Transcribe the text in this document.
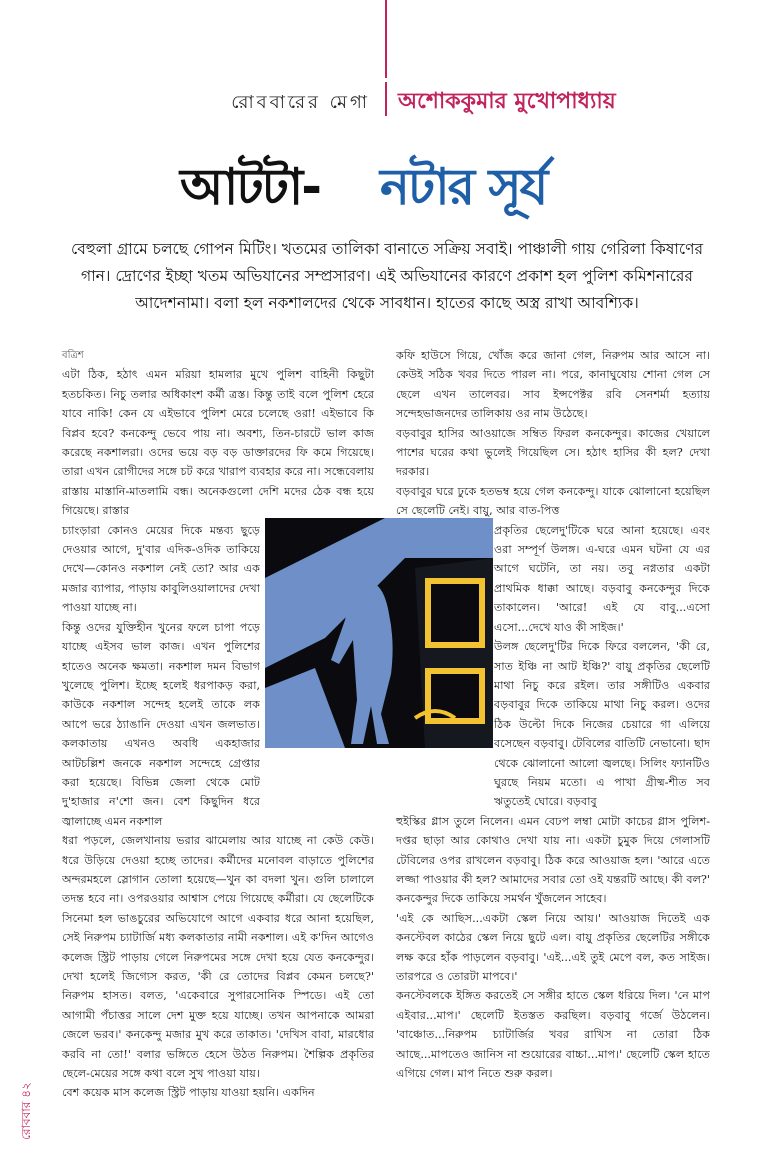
রোববারের মেগা অশোককুমার মুখোপাধ্যায়
আটটা- নটার সূর্য
বেহুলা গ্রামে চলছে গোপন মিটিং। খতমের তালিকা বানাতে সক্রিয় সবাই। পাঞ্চালী গায় গেরিলা কিষাণের গান। দ্রোণের ইচ্ছা খতম অভিযানের সম্প্রসারণ। এই অভিযানের কারণে প্রকাশ হল পুলিশ কমিশনারের আদেশনামা। বলা হল নকশালদের থেকে সাবধান। হাতের কাছে অস্ত্র রাখা আবশ্যিক।

বত্রিশ

এটা ঠিক, হঠাৎ এমন মরিয়া হামলার মুখে পুলিশ বাহিনী কিছুটা হতচকিত। নিচু তলার অধিকাংশ কর্মী ত্রস্ত। কিন্তু তাই বলে পুলিশ হেরে যাবে নাকি! কেন যে এইভাবে পুলিশ মেরে চলেছে ওরা! এইভাবে কি বিপ্লব হবে? কনকেন্দু ভেবে পায় না। অবশ্য, তিন-চারটে ভাল কাজ করেছে নকশালরা। ওদের ভয়ে বড় বড় ডাক্তারদের ফি কমে গিয়েছে। তারা এখন রোগীদের সঙ্গে চট করে খারাপ ব্যবহার করে না। সন্ধেবেলায় রাস্তায় মাস্তানি-মাতলামি বন্ধ। অনেকগুলো দেশি মদের ঠেক বন্ধ হয়ে গিয়েছে। রাস্তার

চ্যাংড়ারা কোনও মেয়ের দিকে মন্তব্য ছুড়ে দেওয়ার আগে, দু'বার এদিক-ওদিক তাকিয়ে দেখে—কোনও নকশাল নেই তো? আর এক মজার ব্যাপার, পাড়ায় কাবুলিওয়ালাদের দেখা পাওয়া যাচ্ছে না।

কিন্তু ওদের যুক্তিহীন খুনের ফলে চাপা পড়ে যাচ্ছে এইসব ভাল কাজ। এখন পুলিশের হাতেও অনেক ক্ষমতা। নকশাল দমন বিভাগ খুলেছে পুলিশ। ইচ্ছে হলেই ধরপাকড় করা, কাউকে নকশাল সন্দেহ হলেই তাকে লক আপে ভরে ঠ্যাঙানি দেওয়া এখন জলভাত। কলকাতায় এখনও অবধি একহাজার আটচল্লিশ জনকে নকশাল সন্দেহে গ্রেপ্তার করা হয়েছে। বিভিন্ন জেলা থেকে মোট দু'হাজার ন'শো জন। বেশ কিছুদিন ধরে জ্বালাচ্ছে এমন নকশাল

ধরা পড়লে, জেলখানায় ভরার ঝামেলায় আর যাচ্ছে না কেউ কেউ। ধরে উড়িয়ে দেওয়া হচ্ছে তাদের। কর্মীদের মনোবল বাড়াতে পুলিশের অন্দরমহলে স্লোগান তোলা হয়েছে—খুন কা বদলা খুন। গুলি চালালে তদন্ত হবে না। ওপরওয়ার আশ্বাস পেয়ে গিয়েছে কর্মীরা। যে ছেলেটিকে সিনেমা হল ভাঙচুরের অভিযোগে আগে একবার ধরে আনা হয়েছিল, সেই নিরুপম চ্যাটার্জি মধ্য কলকাতার নামী নকশাল। এই ক'দিন আগেও কলেজ স্ট্রিট পাড়ায় গেলে নিরুপমের সঙ্গে দেখা হয়ে যেত কনকেন্দুর। দেখা হলেই জিগ্যেস করত, 'কী রে তোদের বিপ্লব কেমন চলছে?' নিরুপম হাসত। বলত, 'একেবারে সুপারসোনিক স্পিডে। এই তো আগামী পঁচাত্তর সালে দেশ মুক্ত হয়ে যাচ্ছে। তখন আপনাকে আমরা জেলে ভরব।' কনকেন্দু মজার মুখ করে তাকাত। 'দেখিস বাবা, মারধোর করবি না তো!' বলার ভঙ্গিতে হেসে উঠত নিরুপম। শৈল্পিক প্রকৃতির ছেলে-মেয়ের সঙ্গে কথা বলে সুখ পাওয়া যায়।

বেশ কয়েক মাস কলেজ স্ট্রিট পাড়ায় যাওয়া হয়নি। একদিন

কফি হাউসে গিয়ে, খোঁজ করে জানা গেল, নিরুপম আর আসে না। কেউই সঠিক খবর দিতে পারল না। পরে, কানাঘুষোয় শোনা গেল সে ছেলে এখন তালেবর। সাব ইন্সপেক্টর রবি সেনশর্মা হত্যায় সন্দেহভাজনদের তালিকায় ওর নাম উঠেছে।

বড়বাবুর হাসির আওয়াজে সম্বিত ফিরল কনকেন্দুর। কাজের খেয়ালে পাশের ঘরের কথা ভুলেই গিয়েছিল সে। হঠাৎ হাসির কী হল? দেখা দরকার।

বড়বাবুর ঘরে ঢুকে হতভম্ব হয়ে গেল কনকেন্দু। যাকে ঝোলানো হয়েছিল সে ছেলেটি নেই। বায়ু, আর বাত-পিত্ত

প্রকৃতির ছেলেদু'টিকে ঘরে আনা হয়েছে। এবং ওরা সম্পূর্ণ উলঙ্গ। এ-ঘরে এমন ঘটনা যে এর আগে ঘটেনি, তা নয়। তবু নগ্নতার একটা প্রাথমিক ধাক্কা আছে। বড়বাবু কনকেন্দুর দিকে তাকালেন। 'আরে! এই যে বাবু...এসো এসো...দেখে যাও কী সাইজ।'

উলঙ্গ ছেলেদু'টির দিকে ফিরে বললেন, 'কী রে, সাত ইঞ্চি না আট ইঞ্চি?' বায়ু প্রকৃতির ছেলেটি মাথা নিচু করে রইল। তার সঙ্গীটিও একবার বড়বাবুর দিকে তাকিয়ে মাথা নিচু করল। ওদের ঠিক উল্টো দিকে নিজের চেয়ারে গা এলিয়ে বসেছেন বড়বাবু। টেবিলের বাতিটি নেভানো। ছাদ থেকে ঝোলানো আলো জ্বলছে। সিলিং ফ্যানটিও ঘুরছে নিয়ম মতো। এ পাখা গ্রীষ্ম-শীত সব ঋতুতেই ঘোরে। বড়বাবু

হুইস্কির গ্লাস তুলে নিলেন। এমন বেঢপ লম্বা মোটা কাচের গ্লাস পুলিশ-দপ্তর ছাড়া আর কোথাও দেখা যায় না। একটা চুমুক দিয়ে গেলাসটি টেবিলের ওপর রাখলেন বড়বাবু। ঠিক করে আওয়াজ হল। 'আরে এতে লজ্জা পাওয়ার কী হল? আমাদের সবার তো ওই যন্তরটি আছে। কী বল?' কনকেন্দুর দিকে তাকিয়ে সমর্থন খুঁজলেন সাহেব।

'এই কে আছিস...একটা স্কেল নিয়ে আয়।' আওয়াজ দিতেই এক কনস্টেবল কাঠের স্কেল নিয়ে ছুটে এল। বায়ু প্রকৃতির ছেলেটির সঙ্গীকে লক্ষ করে হাঁক পাড়লেন বড়বাবু। 'এই...এই তুই মেপে বল, কত সাইজ। তারপরে ও তোরটা মাপবে।'

কনস্টেবলকে ইঙ্গিত করতেই সে সঙ্গীর হাতে স্কেল ধরিয়ে দিল। 'নে মাপ এইবার...মাপ।' ছেলেটি ইতস্তত করছিল। বড়বাবু গর্জে উঠলেন। 'বাঞ্চোত...নিরুপম চ্যাটার্জির খবর রাখিস না তোরা ঠিক আছে...মাপতেও জানিস না শুয়োরের বাচ্চা...মাপ।' ছেলেটি স্কেল হাতে এগিয়ে গেল। মাপ নিতে শুরু করল।

রোববার ৪২
